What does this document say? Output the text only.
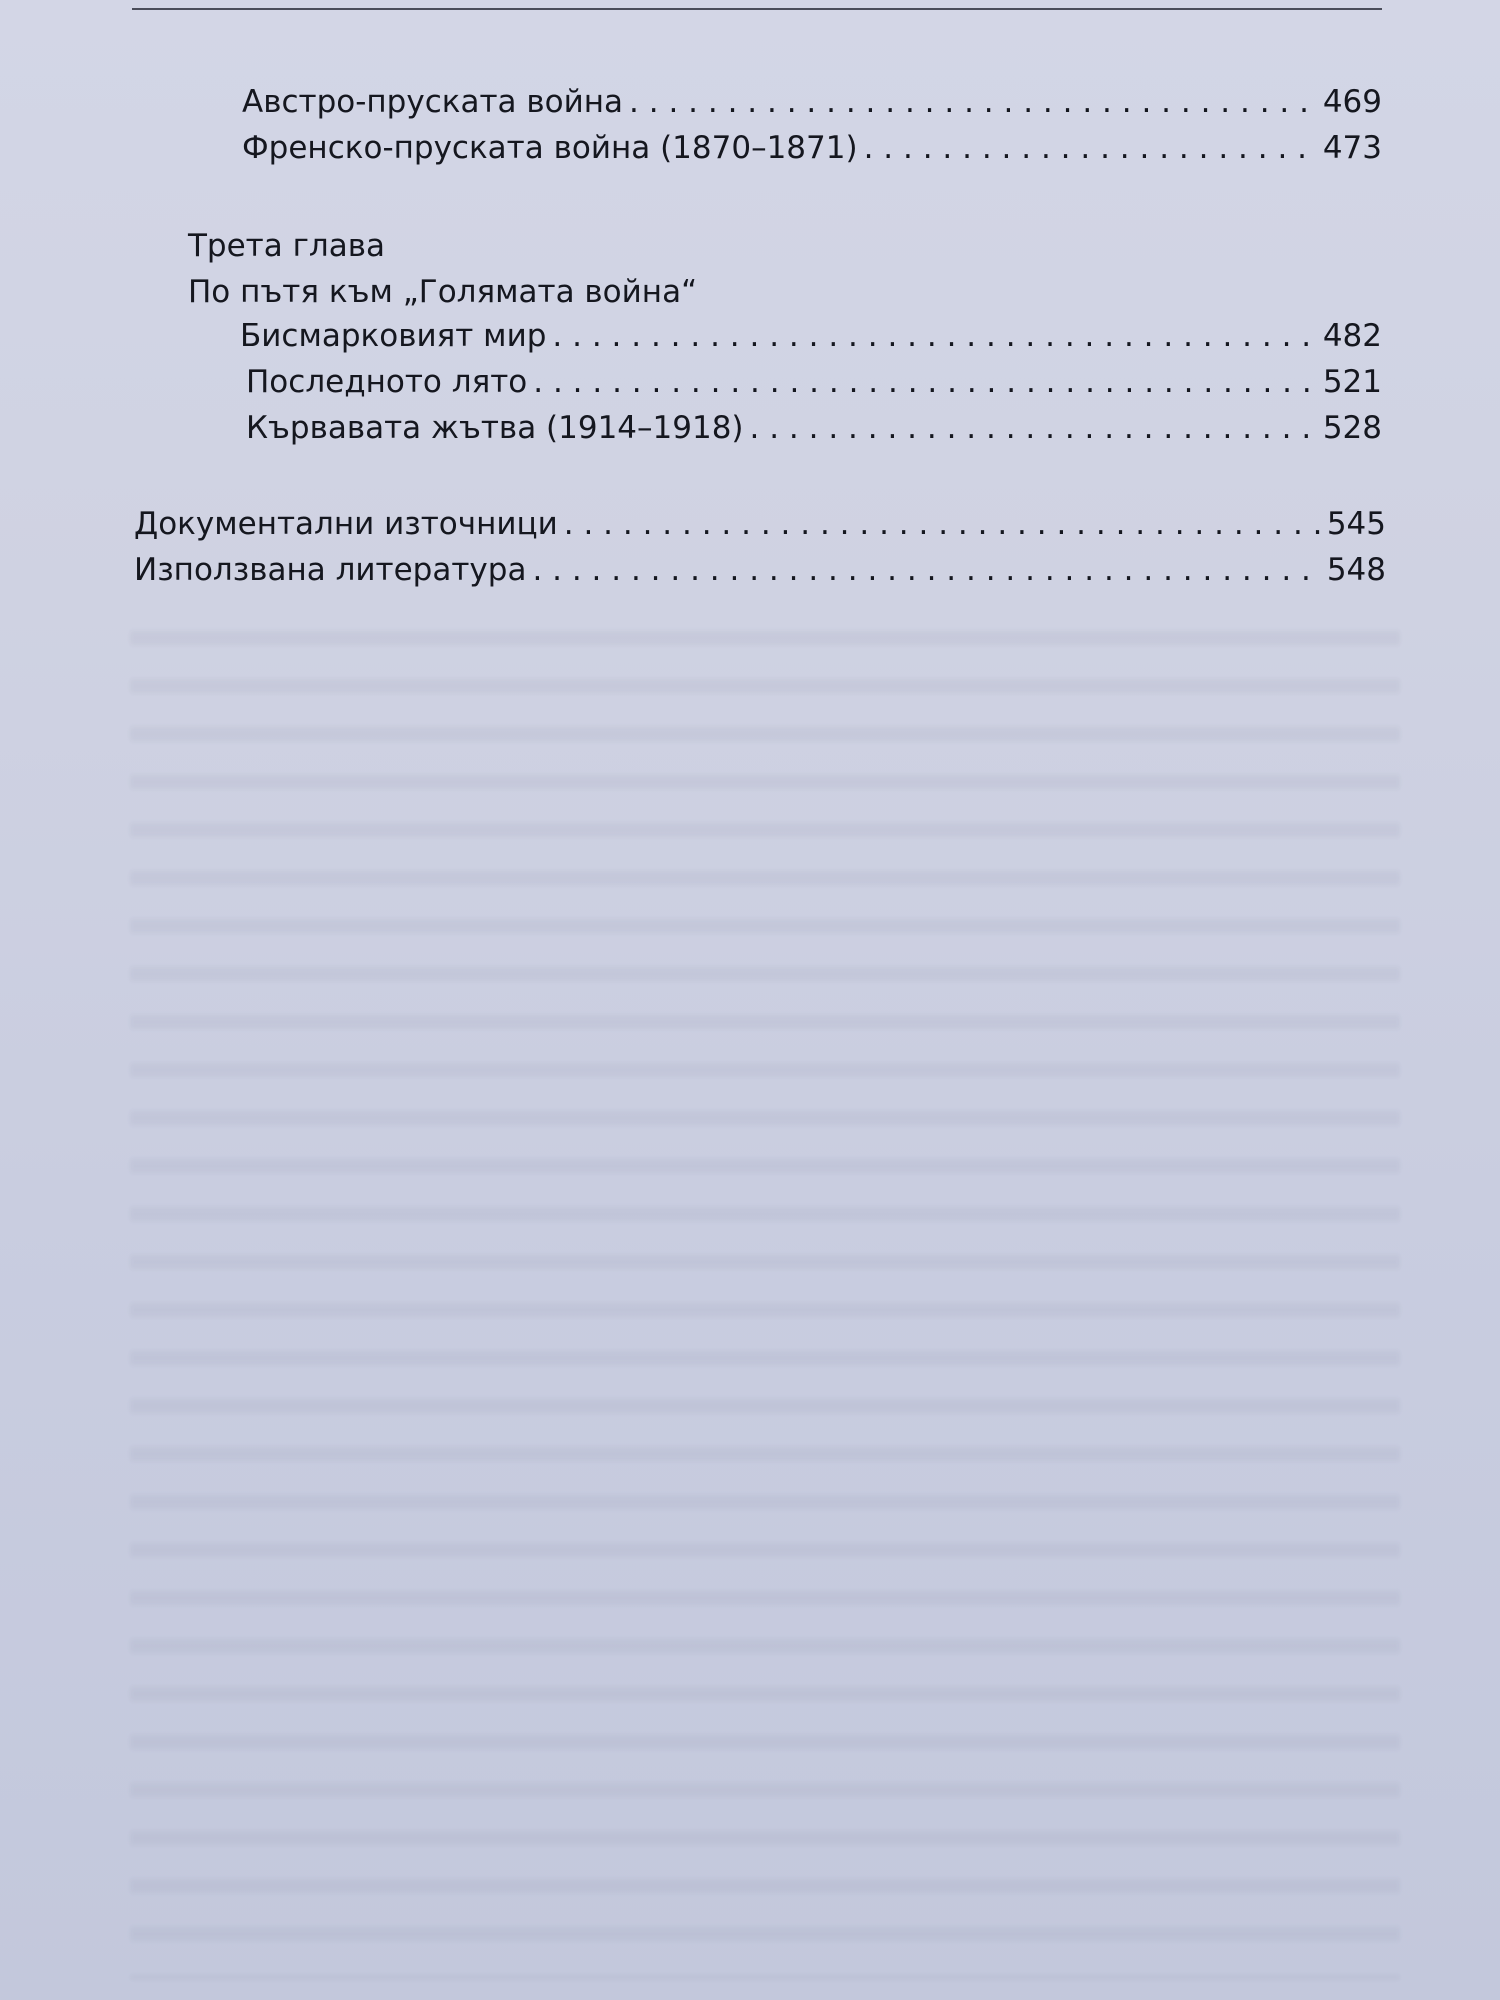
Австро-пруската война . . .	469
Френско-пруската война (1870–1871) . . .	473
Трета глава
По пътя към „Голямата война“
Бисмарковият мир . . .	482
Последното лято . . .	521
Кървавата жътва (1914–1918) . . .	528
Документални източници . . .	545
Използвана литература . . .	548
